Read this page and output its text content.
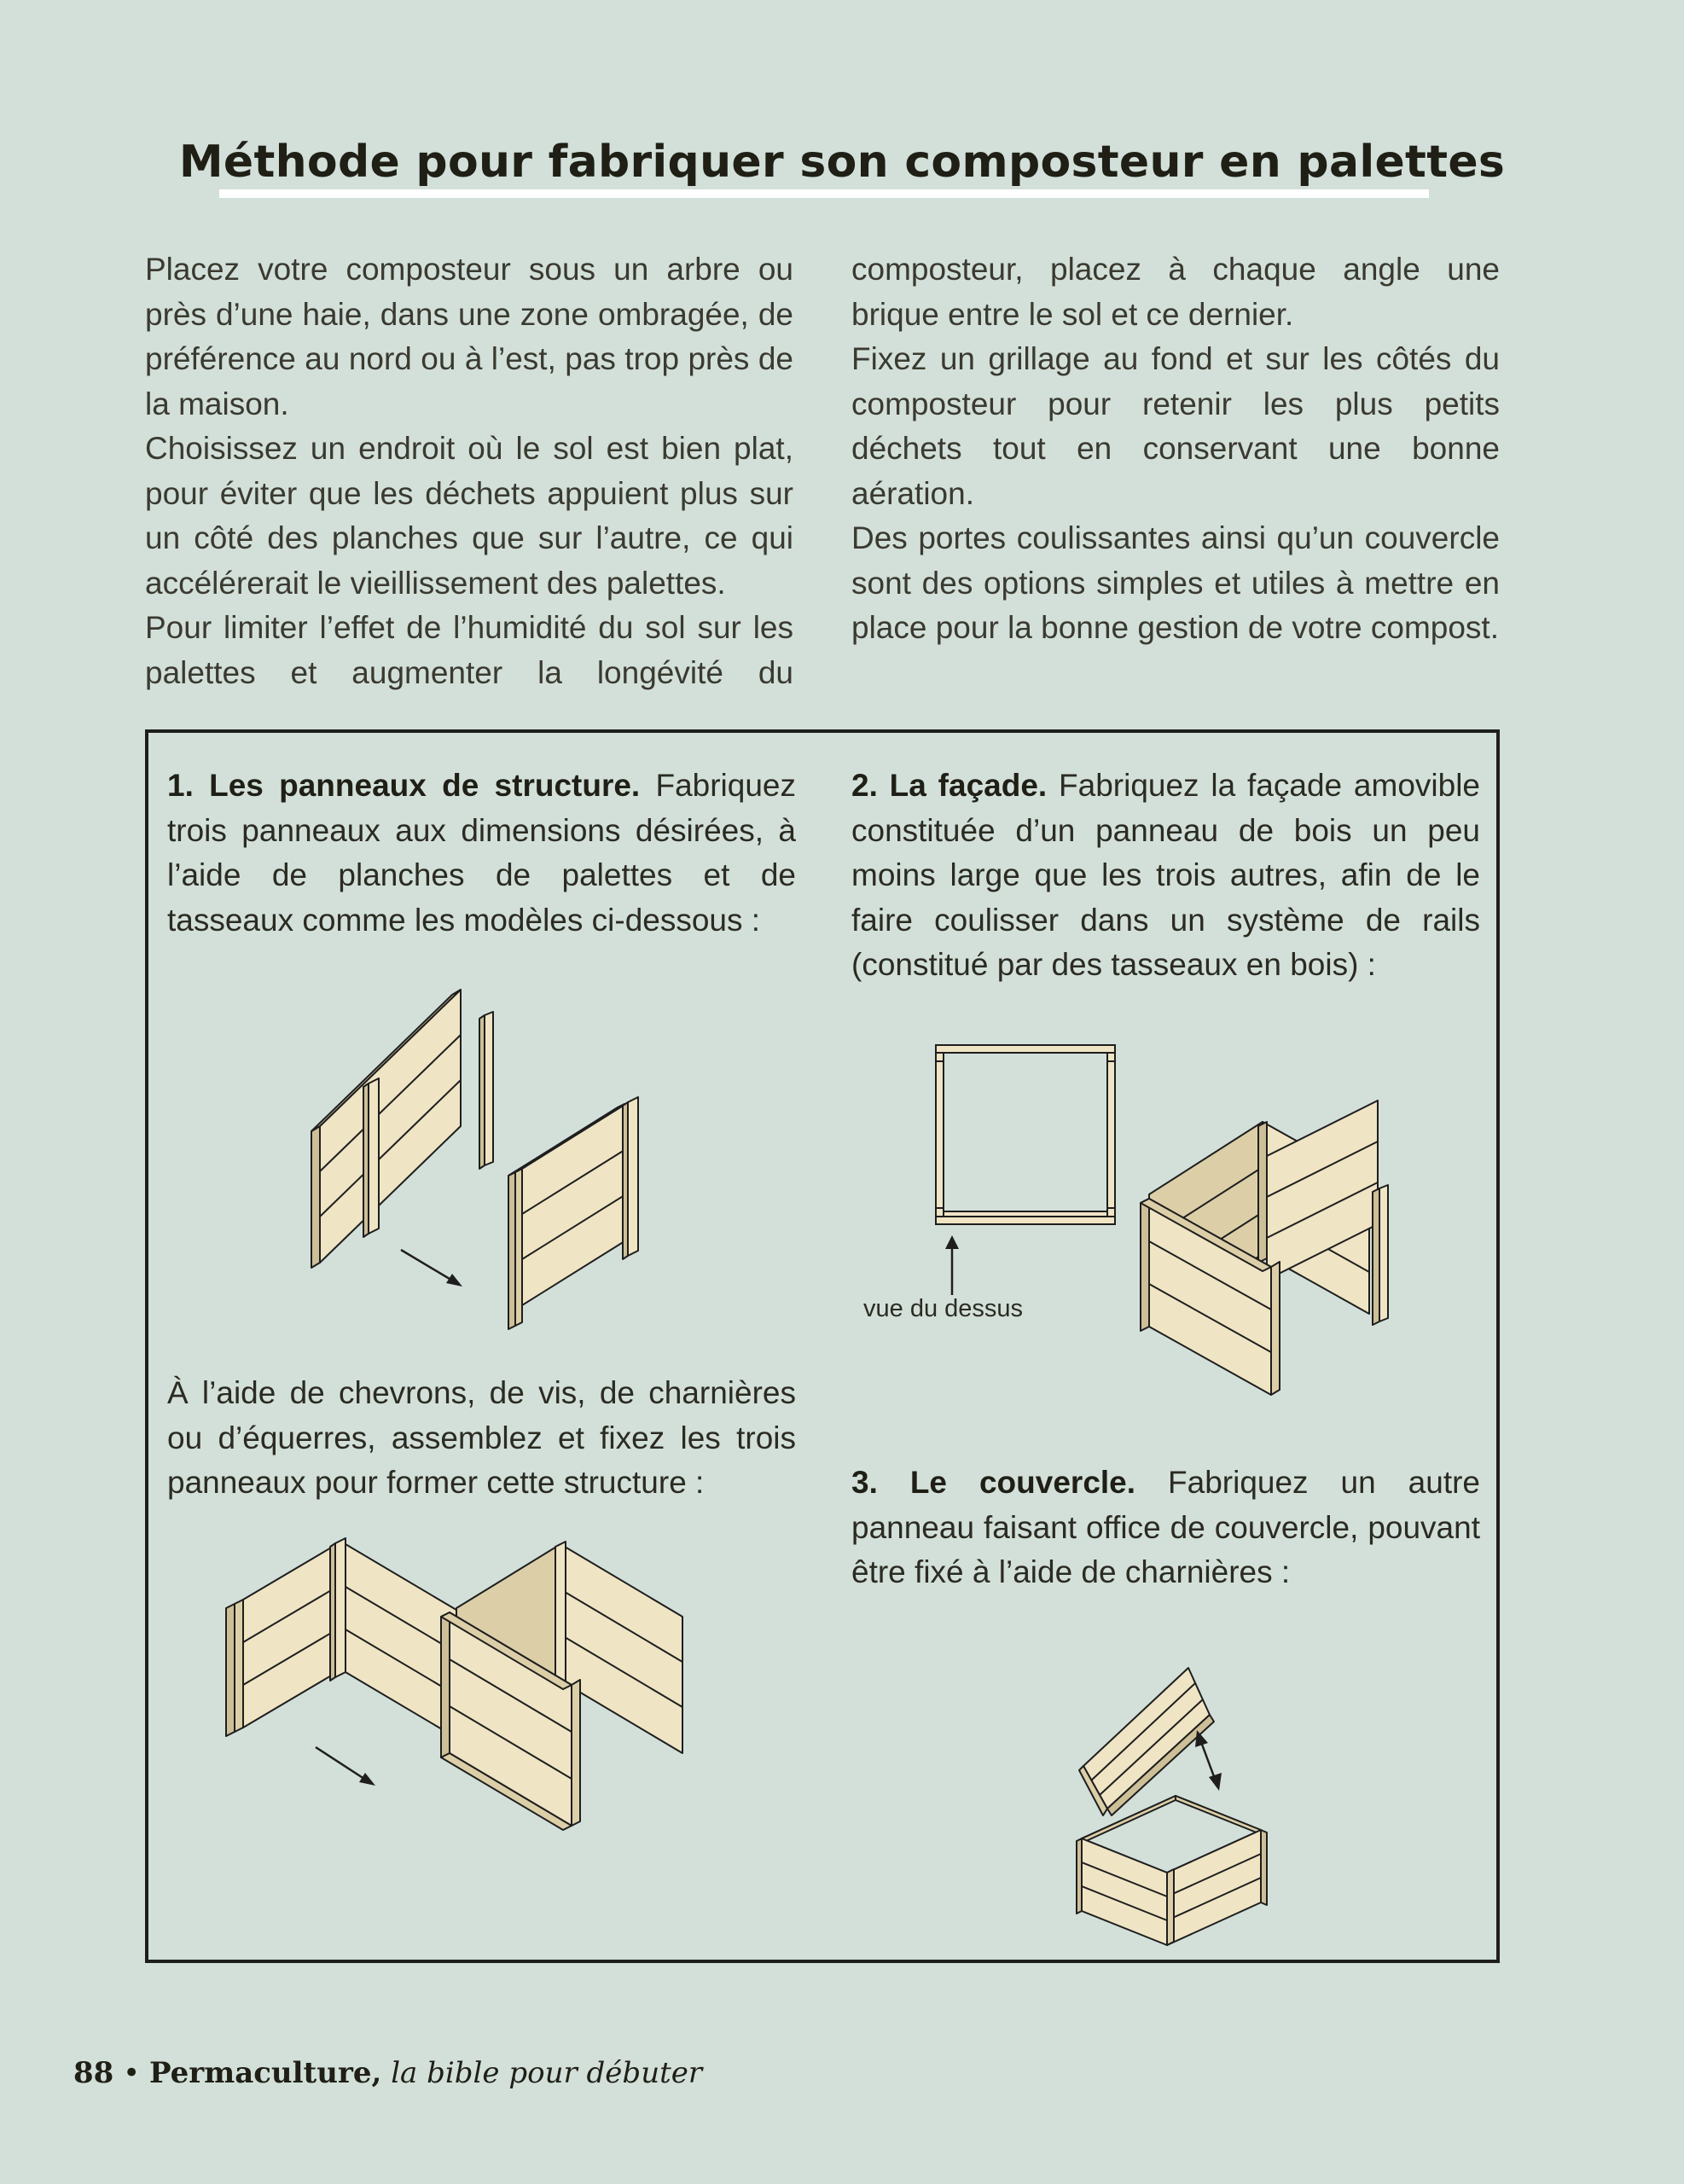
Méthode pour fabriquer son composteur en palettes

Placez votre composteur sous un arbre ou près d’une haie, dans une zone ombragée, de préférence au nord ou à l’est, pas trop près de la maison.

Choisissez un endroit où le sol est bien plat, pour éviter que les déchets appuient plus sur un côté des planches que sur l’autre, ce qui accélérerait le vieillissement des palettes.

Pour limiter l’effet de l’humidité du sol sur les palettes et augmenter la longévité du

composteur, placez à chaque angle une brique entre le sol et ce dernier.

Fixez un grillage au fond et sur les côtés du composteur pour retenir les plus petits déchets tout en conservant une bonne aération.

Des portes coulissantes ainsi qu’un couvercle sont des options simples et utiles à mettre en place pour la bonne gestion de votre compost.

1. Les panneaux de structure. Fabriquez trois panneaux aux dimensions désirées, à l’aide de planches de palettes et de tasseaux comme les modèles ci-dessous :

À l’aide de chevrons, de vis, de charnières ou d’équerres, assemblez et fixez les trois panneaux pour former cette structure :

2. La façade. Fabriquez la façade amovible constituée d’un panneau de bois un peu moins large que les trois autres, afin de le faire coulisser dans un système de rails (constitué par des tasseaux en bois) :

3. Le couvercle. Fabriquez un autre panneau faisant office de couvercle, pouvant être fixé à l’aide de charnières :

vue du dessus
88 • Permaculture, la bible pour débuter
